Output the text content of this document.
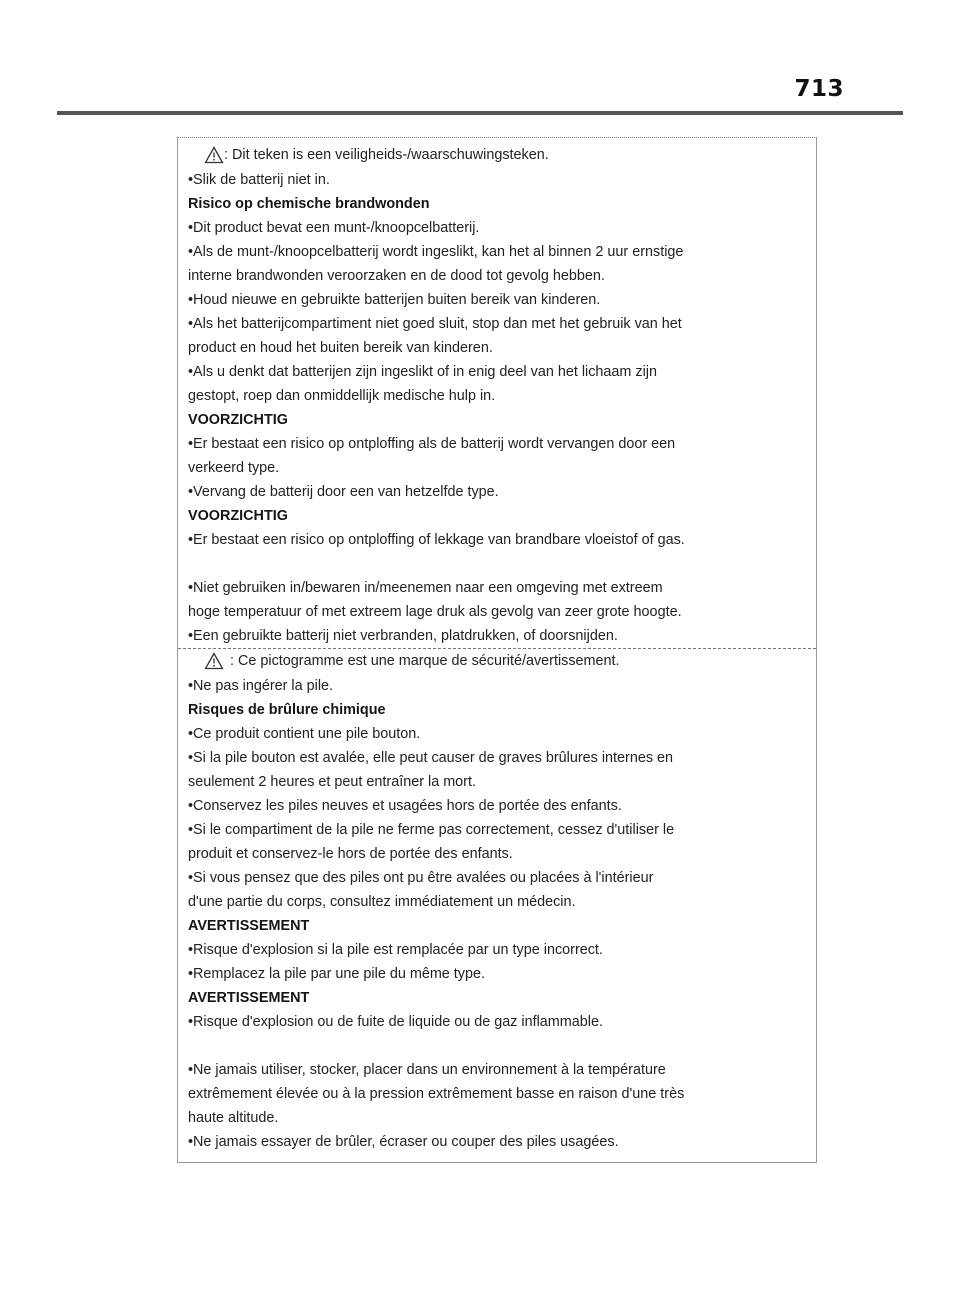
713
: Dit teken is een veiligheids-/waarschuwingsteken.
•Slik de batterij niet in.
Risico op chemische brandwonden
•Dit product bevat een munt-/knoopcelbatterij.
•Als de munt-/knoopcelbatterij wordt ingeslikt, kan het al binnen 2 uur ernstige
interne brandwonden veroorzaken en de dood tot gevolg hebben.
•Houd nieuwe en gebruikte batterijen buiten bereik van kinderen.
•Als het batterijcompartiment niet goed sluit, stop dan met het gebruik van het
product en houd het buiten bereik van kinderen.
•Als u denkt dat batterijen zijn ingeslikt of in enig deel van het lichaam zijn
gestopt, roep dan onmiddellijk medische hulp in.
VOORZICHTIG
•Er bestaat een risico op ontploffing als de batterij wordt vervangen door een
verkeerd type.
•Vervang de batterij door een van hetzelfde type.
VOORZICHTIG
•Er bestaat een risico op ontploffing of lekkage van brandbare vloeistof of gas.
•Niet gebruiken in/bewaren in/meenemen naar een omgeving met extreem
hoge temperatuur of met extreem lage druk als gevolg van zeer grote hoogte.
•Een gebruikte batterij niet verbranden, platdrukken, of doorsnijden.
: Ce pictogramme est une marque de sécurité/avertissement.
•Ne pas ingérer la pile.
Risques de brûlure chimique
•Ce produit contient une pile bouton.
•Si la pile bouton est avalée, elle peut causer de graves brûlures internes en
seulement 2 heures et peut entraîner la mort.
•Conservez les piles neuves et usagées hors de portée des enfants.
•Si le compartiment de la pile ne ferme pas correctement, cessez d'utiliser le
produit et conservez-le hors de portée des enfants.
•Si vous pensez que des piles ont pu être avalées ou placées à l'intérieur
d'une partie du corps, consultez immédiatement un médecin.
AVERTISSEMENT
•Risque d'explosion si la pile est remplacée par un type incorrect.
•Remplacez la pile par une pile du même type.
AVERTISSEMENT
•Risque d'explosion ou de fuite de liquide ou de gaz inflammable.
•Ne jamais utiliser, stocker, placer dans un environnement à la température
extrêmement élevée ou à la pression extrêmement basse en raison d'une très
haute altitude.
•Ne jamais essayer de brûler, écraser ou couper des piles usagées.
